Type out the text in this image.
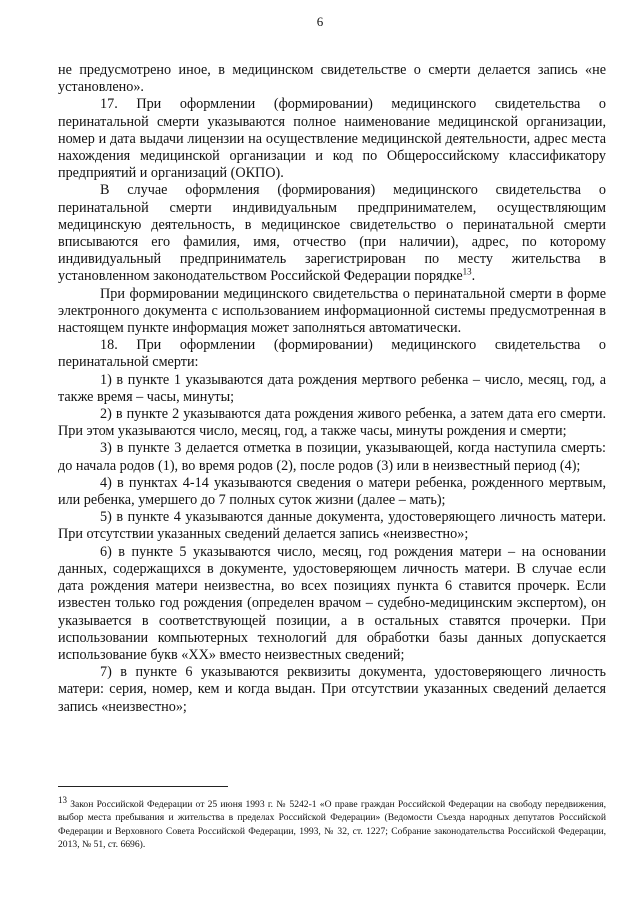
6

не предусмотрено иное, в медицинском свидетельстве о смерти делается запись «не установлено».

17. При оформлении (формировании) медицинского свидетельства о перинатальной смерти указываются полное наименование медицинской организации, номер и дата выдачи лицензии на осуществление медицинской деятельности, адрес места нахождения медицинской организации и код по Общероссийскому классификатору предприятий и организаций (ОКПО).

В случае оформления (формирования) медицинского свидетельства о перинатальной смерти индивидуальным предпринимателем, осуществляющим медицинскую деятельность, в медицинское свидетельство о перинатальной смерти вписываются его фамилия, имя, отчество (при наличии), адрес, по которому индивидуальный предприниматель зарегистрирован по месту жительства в установленном законодательством Российской Федерации порядке$^{13}$.

При формировании медицинского свидетельства о перинатальной смерти в форме электронного документа с использованием информационной системы предусмотренная в настоящем пункте информация может заполняться автоматически.

18. При оформлении (формировании) медицинского свидетельства о перинатальной смерти:

1) в пункте 1 указываются дата рождения мертвого ребенка – число, месяц, год, а также время – часы, минуты;

2) в пункте 2 указываются дата рождения живого ребенка, а затем дата его смерти. При этом указываются число, месяц, год, а также часы, минуты рождения и смерти;

3) в пункте 3 делается отметка в позиции, указывающей, когда наступила смерть: до начала родов (1), во время родов (2), после родов (3) или в неизвестный период (4);

4) в пунктах 4-14 указываются сведения о матери ребенка, рожденного мертвым, или ребенка, умершего до 7 полных суток жизни (далее – мать);

5) в пункте 4 указываются данные документа, удостоверяющего личность матери. При отсутствии указанных сведений делается запись «неизвестно»;

6) в пункте 5 указываются число, месяц, год рождения матери – на основании данных, содержащихся в документе, удостоверяющем личность матери. В случае если дата рождения матери неизвестна, во всех позициях пункта 6 ставится прочерк. Если известен только год рождения (определен врачом – судебно-медицинским экспертом), он указывается в соответствующей позиции, а в остальных ставятся прочерки. При использовании компьютерных технологий для обработки базы данных допускается использование букв «XX» вместо неизвестных сведений;

7) в пункте 6 указываются реквизиты документа, удостоверяющего личность матери: серия, номер, кем и когда выдан. При отсутствии указанных сведений делается запись «неизвестно»;

$^{13}$ Закон Российской Федерации от 25 июня 1993 г. № 5242-1 «О праве граждан Российской Федерации на свободу передвижения, выбор места пребывания и жительства в пределах Российской Федерации» (Ведомости Съезда народных депутатов Российской Федерации и Верховного Совета Российской Федерации, 1993, № 32, ст. 1227; Собрание законодательства Российской Федерации, 2013, № 51, ст. 6696).
